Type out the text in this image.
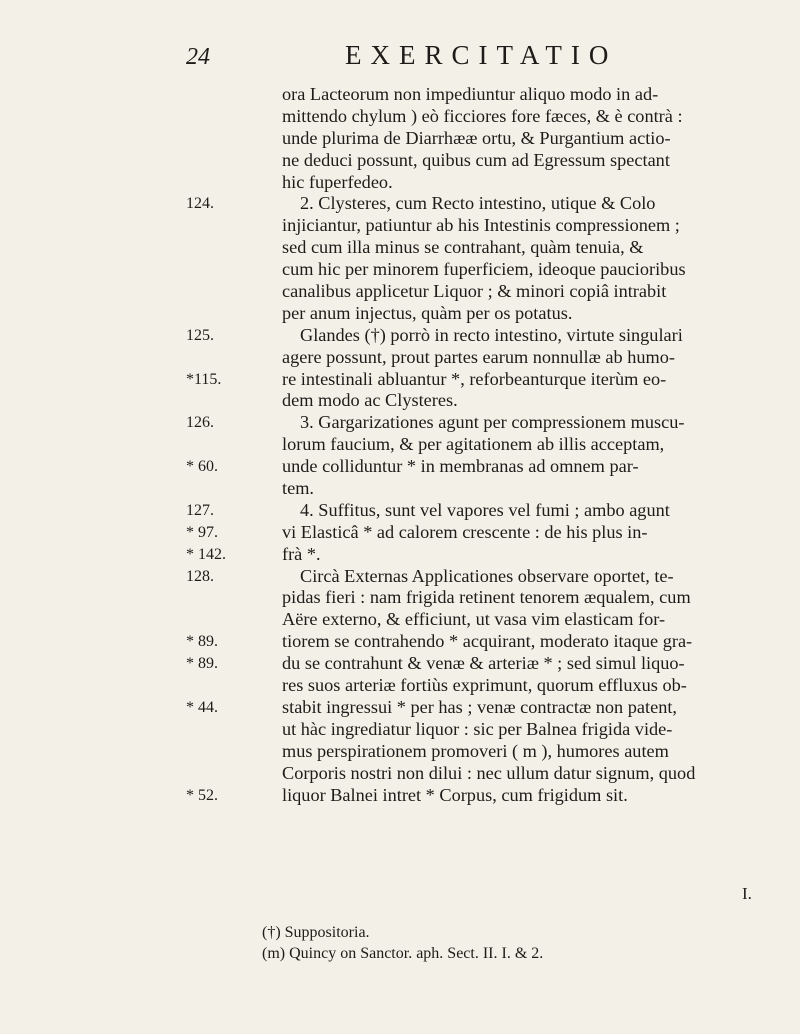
24	EXERCITATIO
ora Lacteorum non impediuntur aliquo modo in ad-
mittendo chylum ) eò ficciores fore fæces, & è contrà :
unde plurima de Diarrhææ ortu, & Purgantium actio-
ne deduci possunt, quibus cum ad Egressum spectant
hic fuperfedeo.
124.	2. Clysteres, cum Recto intestino, utique & Colo
injiciantur, patiuntur ab his Intestinis compressionem ;
sed cum illa minus se contrahant, quàm tenuia, &
cum hic per minorem fuperficiem, ideoque paucioribus
canalibus applicetur Liquor ; & minori copiâ intrabit
per anum injectus, quàm per os potatus.
125.	Glandes (†) porrò in recto intestino, virtute singulari
agere possunt, prout partes earum nonnullæ ab humo-
*115.	re intestinali abluantur *, reforbeanturque iterùm eo-
dem modo ac Clysteres.
126.	3. Gargarizationes agunt per compressionem muscu-
lorum faucium, & per agitationem ab illis acceptam,
* 60.	unde colliduntur * in membranas ad omnem par-
tem.
127.	4. Suffitus, sunt vel vapores vel fumi ; ambo agunt
* 97.	vi Elasticâ * ad calorem crescente : de his plus in-
* 142.	frà *.
128.	Circà Externas Applicationes observare oportet, te-
pidas fieri : nam frigida retinent tenorem æqualem, cum
Aëre externo, & efficiunt, ut vasa vim elasticam for-
* 89.	tiorem se contrahendo * acquirant, moderato itaque gra-
* 89.	du se contrahunt & venæ & arteriæ * ; sed simul liquo-
res suos arteriæ fortiùs exprimunt, quorum effluxus ob-
* 44.	stabit ingressui * per has ; venæ contractæ non patent,
ut hàc ingrediatur liquor : sic per Balnea frigida vide-
mus perspirationem promoveri ( m ), humores autem
Corporis nostri non dilui : nec ullum datur signum, quod
* 52.	liquor Balnei intret * Corpus, cum frigidum sit.
I.
(†) Suppositoria.
(m) Quincy on Sanctor. aph. Sect. II. I. & 2.
